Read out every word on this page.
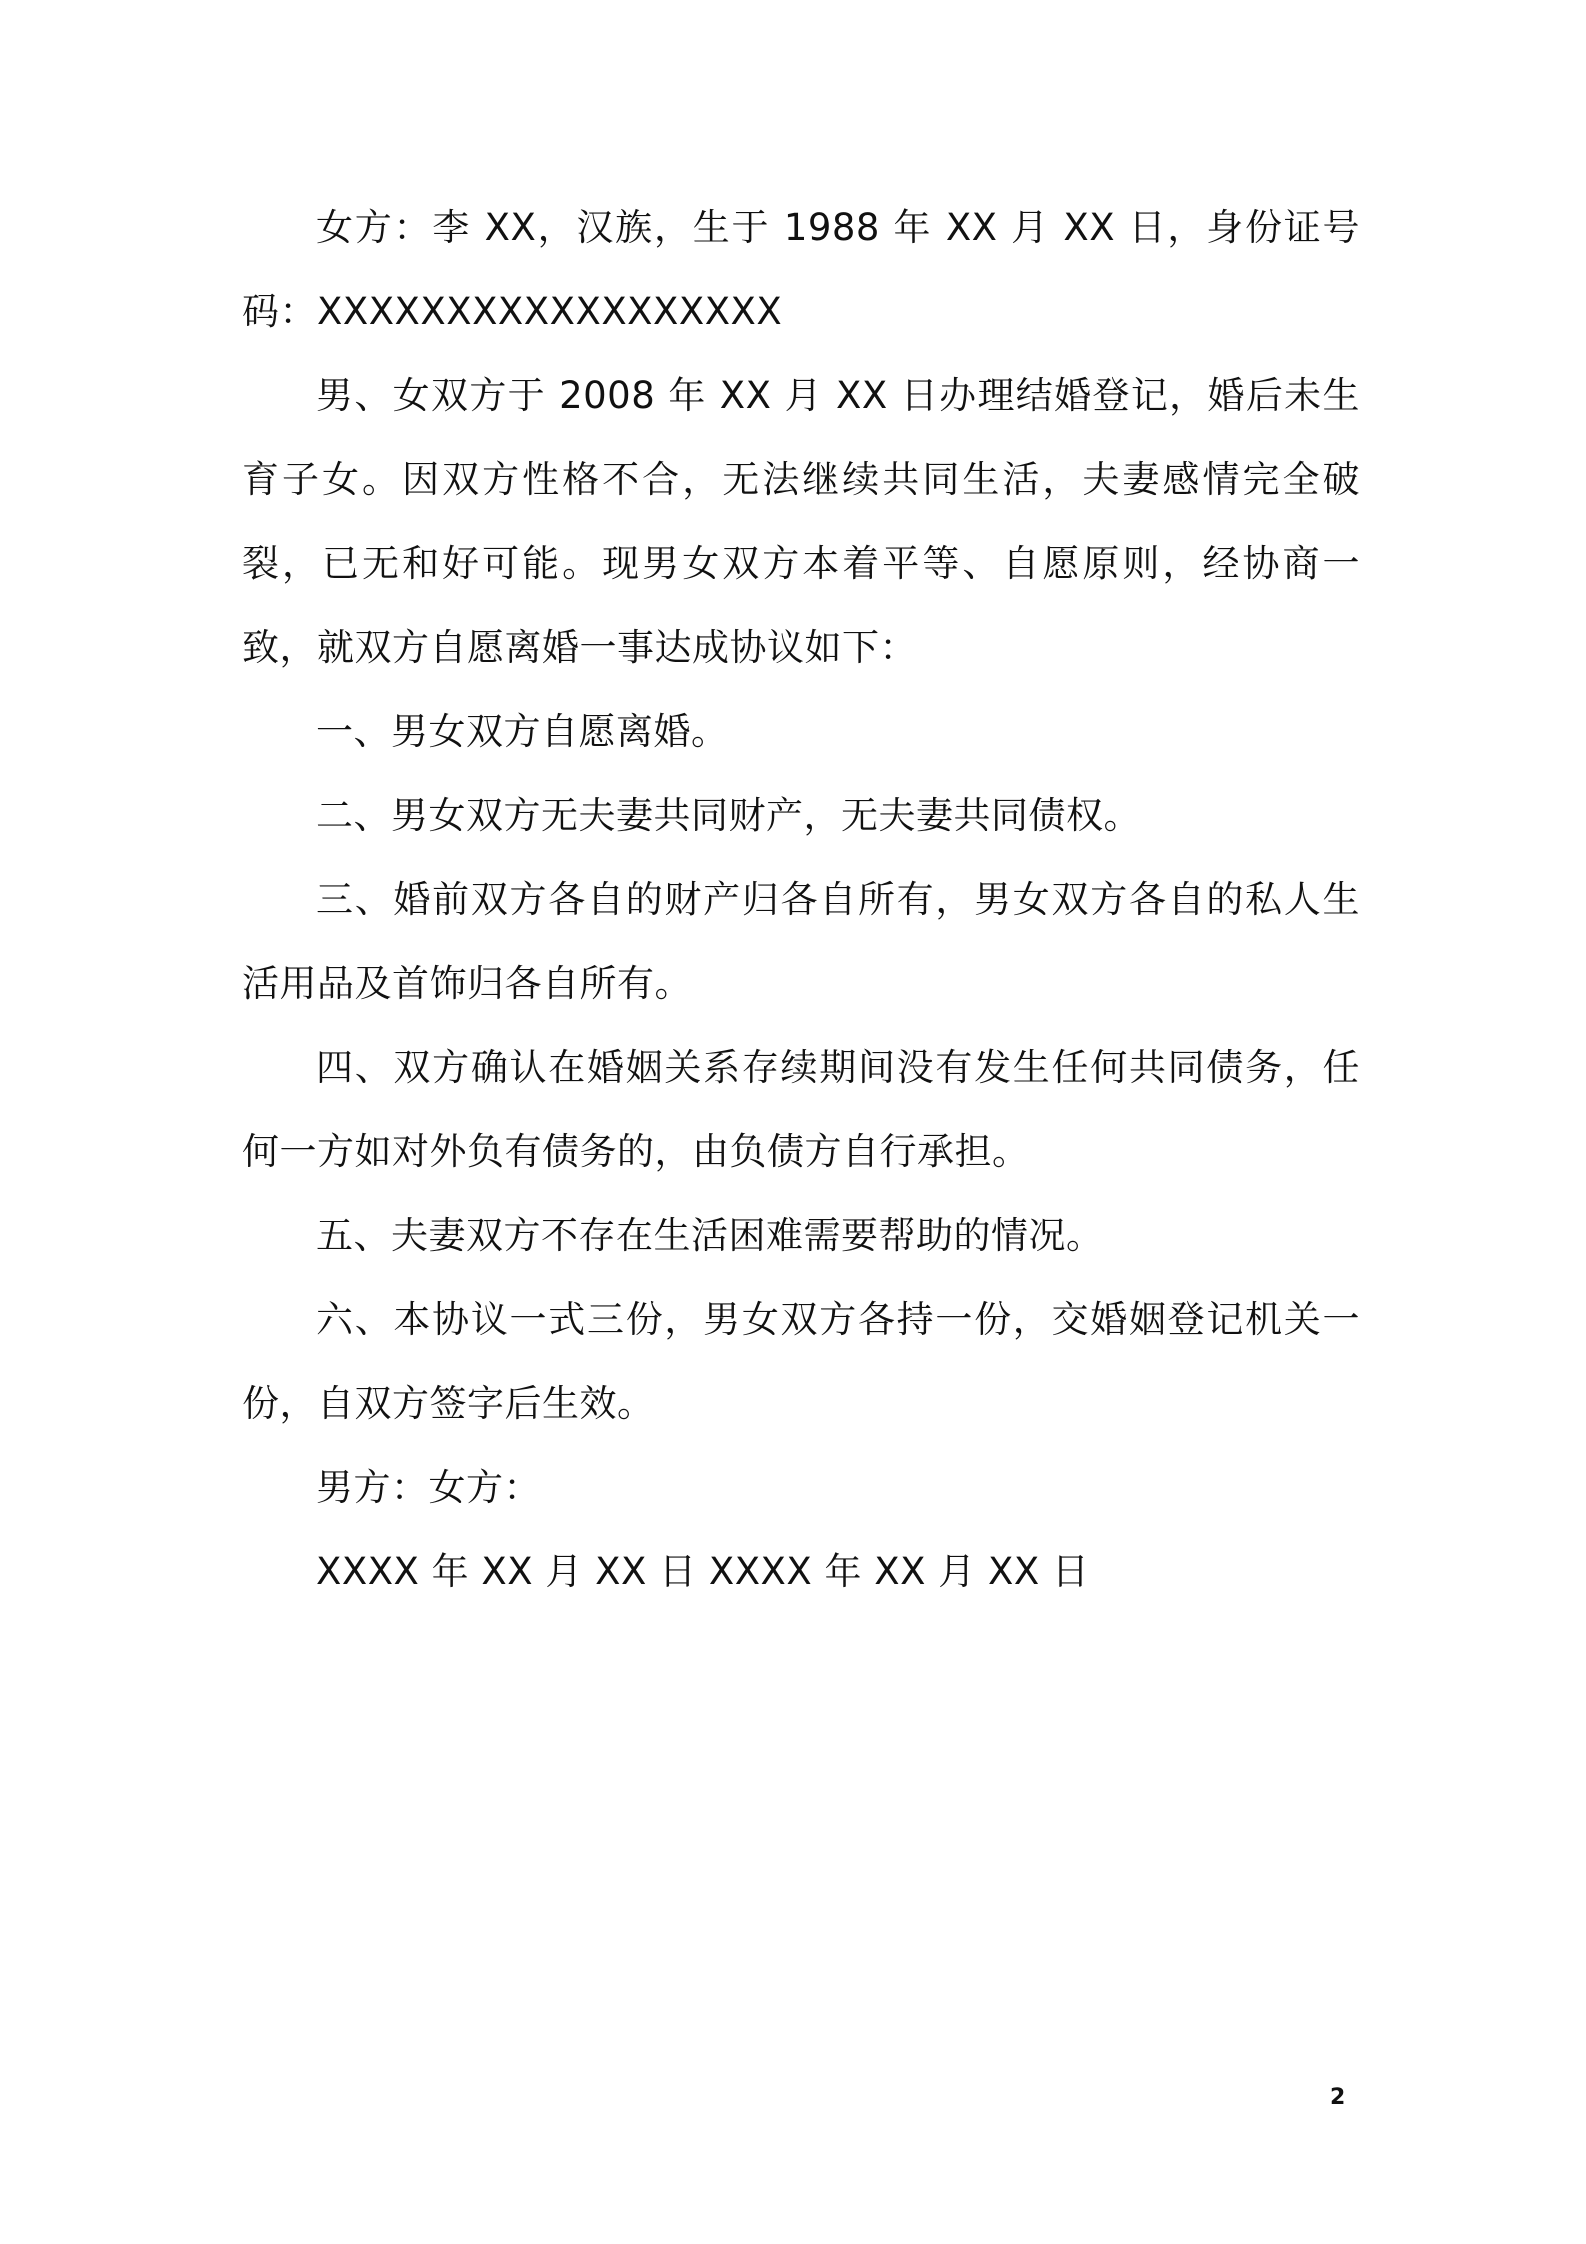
女方：李 XX，汉族，生于 1988 年 XX 月 XX 日，身份证号码：XXXXXXXXXXXXXXXXXX

男、女双方于 2008 年 XX 月 XX 日办理结婚登记，婚后未生育子女。因双方性格不合，无法继续共同生活，夫妻感情完全破裂，已无和好可能。现男女双方本着平等、自愿原则，经协商一致，就双方自愿离婚一事达成协议如下：

一、男女双方自愿离婚。

二、男女双方无夫妻共同财产，无夫妻共同债权。

三、婚前双方各自的财产归各自所有，男女双方各自的私人生活用品及首饰归各自所有。

四、双方确认在婚姻关系存续期间没有发生任何共同债务，任何一方如对外负有债务的，由负债方自行承担。

五、夫妻双方不存在生活困难需要帮助的情况。

六、本协议一式三份，男女双方各持一份，交婚姻登记机关一份，自双方签字后生效。

男方：女方：

XXXX 年 XX 月 XX 日 XXXX 年 XX 月 XX 日

2
